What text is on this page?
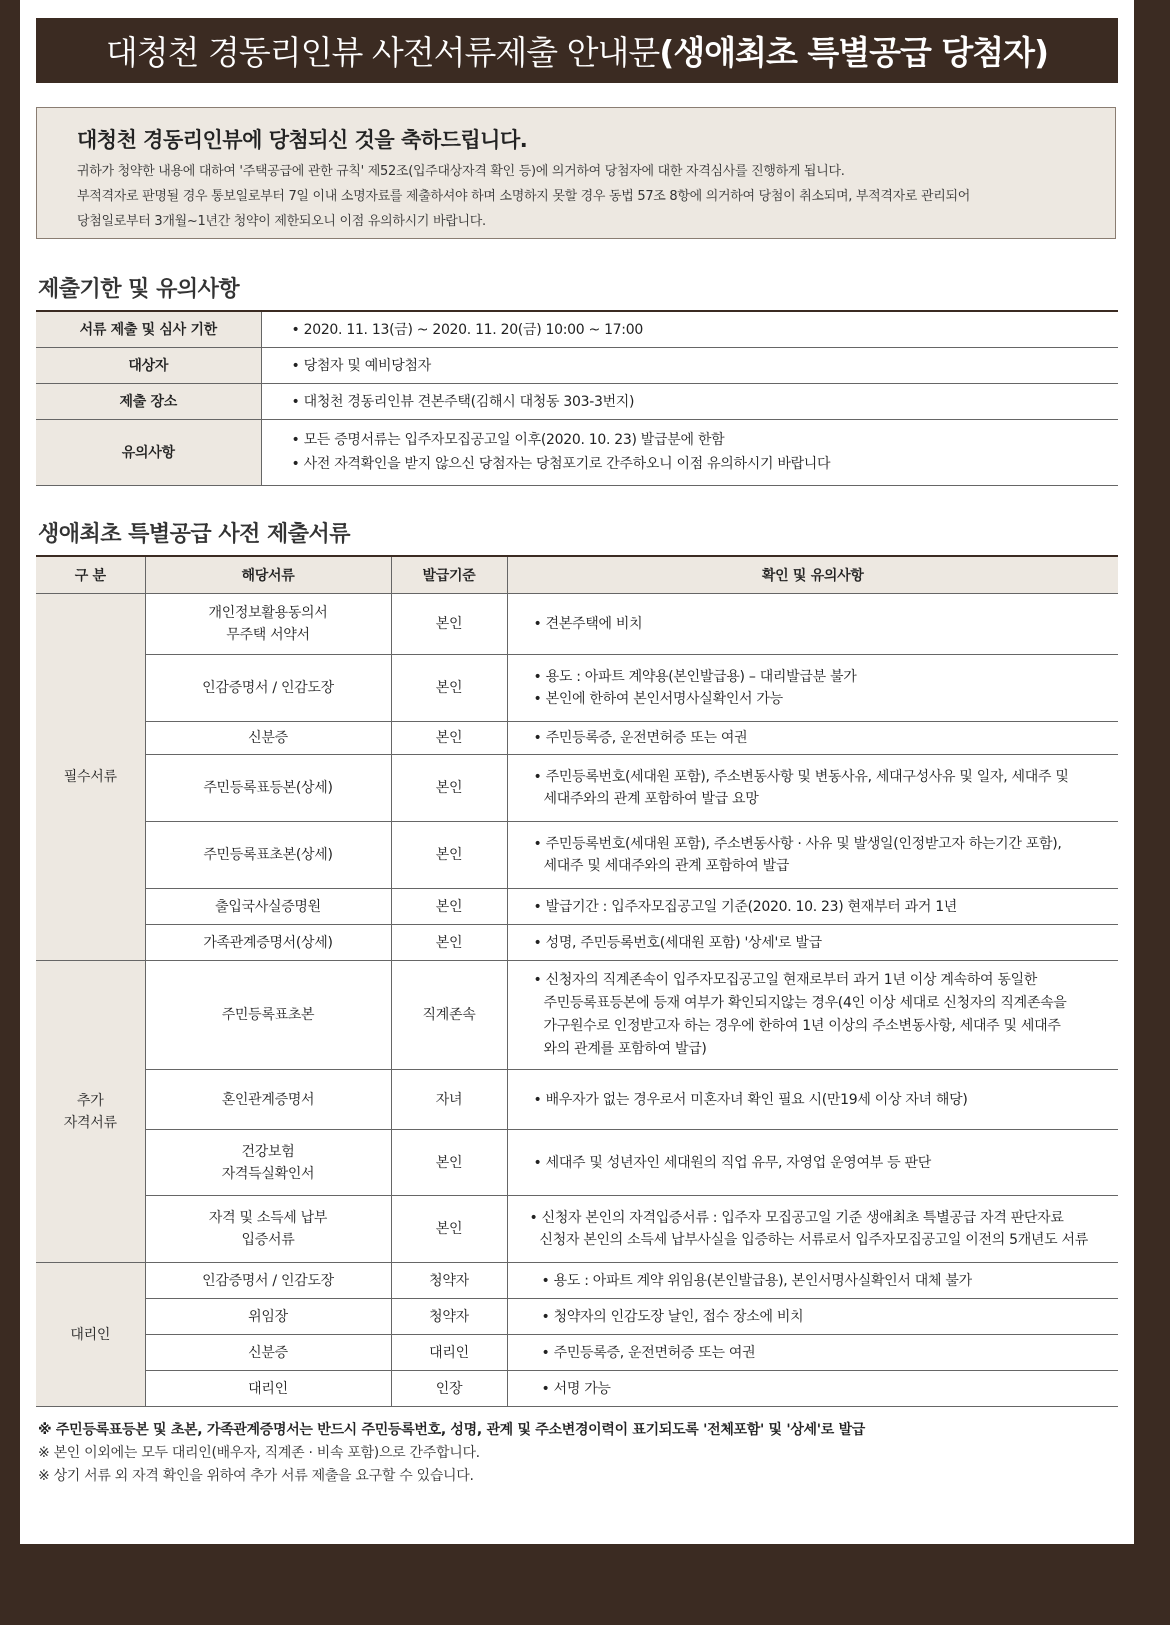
대청천 경동리인뷰 사전서류제출 안내문 (생애최초 특별공급 당첨자)
대청천 경동리인뷰에 당첨되신 것을 축하드립니다.

귀하가 청약한 내용에 대하여 '주택공급에 관한 규칙' 제52조(입주대상자격 확인 등)에 의거하여 당첨자에 대한 자격심사를 진행하게 됩니다.

부적격자로 판명될 경우 통보일로부터 7일 이내 소명자료를 제출하셔야 하며 소명하지 못할 경우 동법 57조 8항에 의거하여 당첨이 취소되며, 부적격자로 관리되어

당첨일로부터 3개월~1년간 청약이 제한되오니 이점 유의하시기 바랍니다.

제출기한 및 유의사항
서류 제출 및 심사 기한	• 2020. 11. 13(금) ~ 2020. 11. 20(금) 10:00 ~ 17:00
대상자	• 당첨자 및 예비당첨자
제출 장소	• 대청천 경동리인뷰 견본주택(김해시 대청동 303-3번지)
유의사항	• 모든 증명서류는 입주자모집공고일 이후(2020. 10. 23) 발급분에 한함
• 사전 자격확인을 받지 않으신 당첨자는 당첨포기로 간주하오니 이점 유의하시기 바랍니다
생애최초 특별공급 사전 제출서류
구 분	해당서류	발급기준	확인 및 유의사항
필수서류	개인정보활용동의서
무주택 서약서	본인	• 견본주택에 비치

	인감증명서 / 인감도장	본인	• 용도 : 아파트 계약용(본인발급용) – 대리발급분 불가
• 본인에 한하여 본인서명사실확인서 가능

	신분증	본인	• 주민등록증, 운전면허증 또는 여권

	주민등록표등본(상세)	본인	• 주민등록번호(세대원 포함), 주소변동사항 및 변동사유, 세대구성사유 및 일자, 세대주 및
세대주와의 관계 포함하여 발급 요망

	주민등록표초본(상세)	본인	• 주민등록번호(세대원 포함), 주소변동사항 · 사유 및 발생일(인정받고자 하는기간 포함),
세대주 및 세대주와의 관계 포함하여 발급

	출입국사실증명원	본인	• 발급기간 : 입주자모집공고일 기준(2020. 10. 23) 현재부터 과거 1년

	가족관계증명서(상세)	본인	• 성명, 주민등록번호(세대원 포함) '상세'로 발급

추가
자격서류	주민등록표초본	직계존속	• 신청자의 직계존속이 입주자모집공고일 현재로부터 과거 1년 이상 계속하여 동일한
주민등록표등본에 등재 여부가 확인되지않는 경우(4인 이상 세대로 신청자의 직계존속을
가구원수로 인정받고자 하는 경우에 한하여 1년 이상의 주소변동사항, 세대주 및 세대주
와의 관계를 포함하여 발급)

	혼인관계증명서	자녀	• 배우자가 없는 경우로서 미혼자녀 확인 필요 시(만19세 이상 자녀 해당)

	건강보험
자격득실확인서	본인	• 세대주 및 성년자인 세대원의 직업 유무, 자영업 운영여부 등 판단

	자격 및 소득세 납부
입증서류	본인	• 신청자 본인의 자격입증서류 : 입주자 모집공고일 기준 생애최초 특별공급 자격 판단자료
신청자 본인의 소득세 납부사실을 입증하는 서류로서 입주자모집공고일 이전의 5개년도 서류

대리인	인감증명서 / 인감도장	청약자	• 용도 : 아파트 계약 위임용(본인발급용), 본인서명사실확인서 대체 불가

	위임장	청약자	• 청약자의 인감도장 날인, 접수 장소에 비치

	신분증	대리인	• 주민등록증, 운전면허증 또는 여권

	대리인	인장	• 서명 가능
※ 주민등록표등본 및 초본, 가족관계증명서는 반드시 주민등록번호, 성명, 관계 및 주소변경이력이 표기되도록 '전체포함' 및 '상세'로 발급
※ 본인 이외에는 모두 대리인(배우자, 직계존 · 비속 포함)으로 간주합니다.
※ 상기 서류 외 자격 확인을 위하여 추가 서류 제출을 요구할 수 있습니다.
